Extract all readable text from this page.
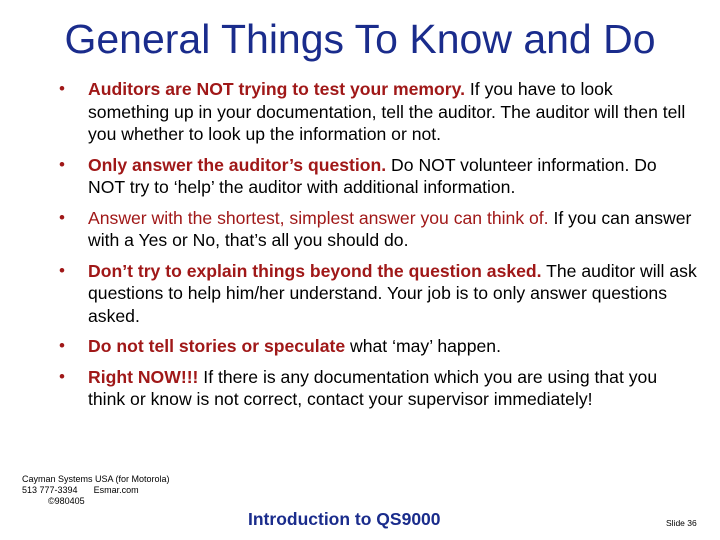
General Things To Know and Do
• Auditors are NOT trying to test your memory. If you have to look something up in your documentation, tell the auditor. The auditor will then tell you whether to look up the information or not.
• Only answer the auditor’s question. Do NOT volunteer information. Do NOT try to ‘help’ the auditor with additional information.
• Answer with the shortest, simplest answer you can think of. If you can answer with a Yes or No, that’s all you should do.
• Don’t try to explain things beyond the question asked. The auditor will ask questions to help him/her understand. Your job is to only answer questions asked.
• Do not tell stories or speculate what ‘may’ happen.
• Right NOW!!! If there is any documentation which you are using that you think or know is not correct, contact your supervisor immediately!
Cayman Systems USA (for Motorola)
513 777-3394 Esmar.com
©980405
Introduction to QS9000	Slide 36
